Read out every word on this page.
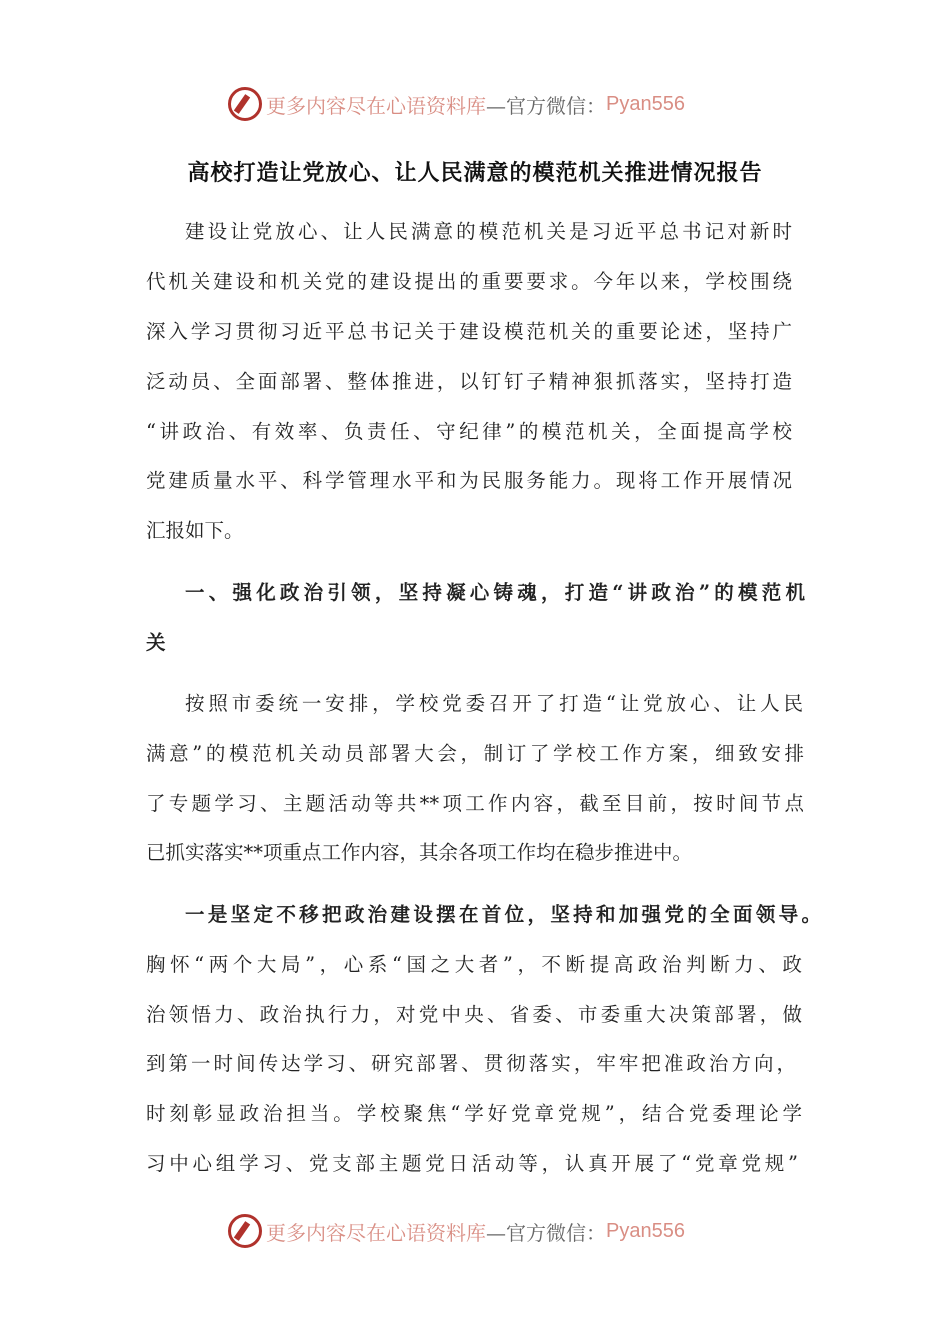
更多内容尽在心语资料库 —官方微信： Pyan556
高校打造让党放心、让人民满意的模范机关推进情况报告
建设让党放心、让人民满意的模范机关是习近平总书记对新时
代机关建设和机关党的建设提出的重要要求。今年以来，学校围绕
深入学习贯彻习近平总书记关于建设模范机关的重要论述，坚持广
泛动员、全面部署、整体推进，以钉钉子精神狠抓落实，坚持打造
“讲政治、有效率、负责任、守纪律”的模范机关，全面提高学校
党建质量水平、科学管理水平和为民服务能力。现将工作开展情况
汇报如下。
一、强化政治引领，坚持凝心铸魂，打造“讲政治”的模范机
关
按照市委统一安排，学校党委召开了打造“让党放心、让人民
满意”的模范机关动员部署大会，制订了学校工作方案，细致安排
了专题学习、主题活动等共**项工作内容，截至目前，按时间节点
已抓实落实**项重点工作内容，其余各项工作均在稳步推进中。
一是坚定不移把政治建设摆在首位，坚持和加强党的全面领导。
胸怀“两个大局”，心系“国之大者”，不断提高政治判断力、政
治领悟力、政治执行力，对党中央、省委、市委重大决策部署，做
到第一时间传达学习、研究部署、贯彻落实，牢牢把准政治方向，
时刻彰显政治担当。学校聚焦“学好党章党规”，结合党委理论学
习中心组学习、党支部主题党日活动等，认真开展了“党章党规”
更多内容尽在心语资料库 —官方微信： Pyan556
